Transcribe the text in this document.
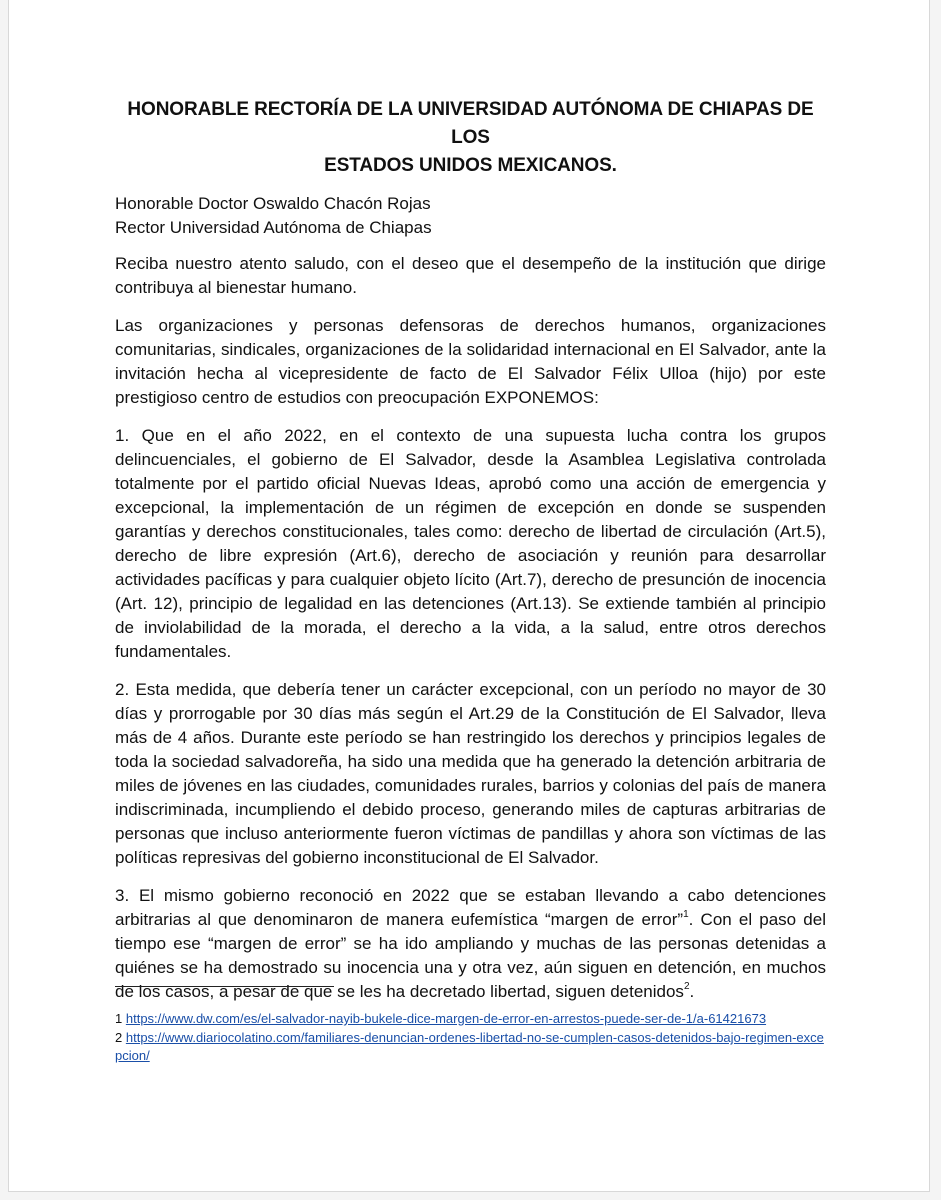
HONORABLE RECTORÍA DE LA UNIVERSIDAD AUTÓNOMA DE CHIAPAS DE LOS
ESTADOS UNIDOS MEXICANOS.
Honorable Doctor Oswaldo Chacón Rojas
Rector Universidad Autónoma de Chiapas

Reciba nuestro atento saludo, con el deseo que el desempeño de la institución que dirige contribuya al bienestar humano.

Las organizaciones y personas defensoras de derechos humanos, organizaciones comunitarias, sindicales, organizaciones de la solidaridad internacional en El Salvador, ante la invitación hecha al vicepresidente de facto de El Salvador Félix Ulloa (hijo) por este prestigioso centro de estudios con preocupación EXPONEMOS:

1. Que en el año 2022, en el contexto de una supuesta lucha contra los grupos delincuenciales, el gobierno de El Salvador, desde la Asamblea Legislativa controlada totalmente por el partido oficial Nuevas Ideas, aprobó como una acción de emergencia y excepcional, la implementación de un régimen de excepción en donde se suspenden garantías y derechos constitucionales, tales como: derecho de libertad de circulación (Art.5), derecho de libre expresión (Art.6), derecho de asociación y reunión para desarrollar actividades pacíficas y para cualquier objeto lícito (Art.7), derecho de presunción de inocencia (Art. 12), principio de legalidad en las detenciones (Art.13). Se extiende también al principio de inviolabilidad de la morada, el derecho a la vida, a la salud, entre otros derechos fundamentales.

2. Esta medida, que debería tener un carácter excepcional, con un período no mayor de 30 días y prorrogable por 30 días más según el Art.29 de la Constitución de El Salvador, lleva más de 4 años. Durante este período se han restringido los derechos y principios legales de toda la sociedad salvadoreña, ha sido una medida que ha generado la detención arbitraria de miles de jóvenes en las ciudades, comunidades rurales, barrios y colonias del país de manera indiscriminada, incumpliendo el debido proceso, generando miles de capturas arbitrarias de personas que incluso anteriormente fueron víctimas de pandillas y ahora son víctimas de las políticas represivas del gobierno inconstitucional de El Salvador.

3. El mismo gobierno reconoció en 2022 que se estaban llevando a cabo detenciones arbitrarias al que denominaron de manera eufemística “margen de error”$^1$. Con el paso del tiempo ese “margen de error” se ha ido ampliando y muchas de las personas detenidas a quiénes se ha demostrado su inocencia una y otra vez, aún siguen en detención, en muchos de los casos, a pesar de que se les ha decretado libertad, siguen detenidos$^2$.

1 https://www.dw.com/es/el-salvador-nayib-bukele-dice-margen-de-error-en-arrestos-puede-ser-de-1/a-61421673
2 https://www.diariocolatino.com/familiares-denuncian-ordenes-libertad-no-se-cumplen-casos-detenidos-bajo-regimen-excepcion/
